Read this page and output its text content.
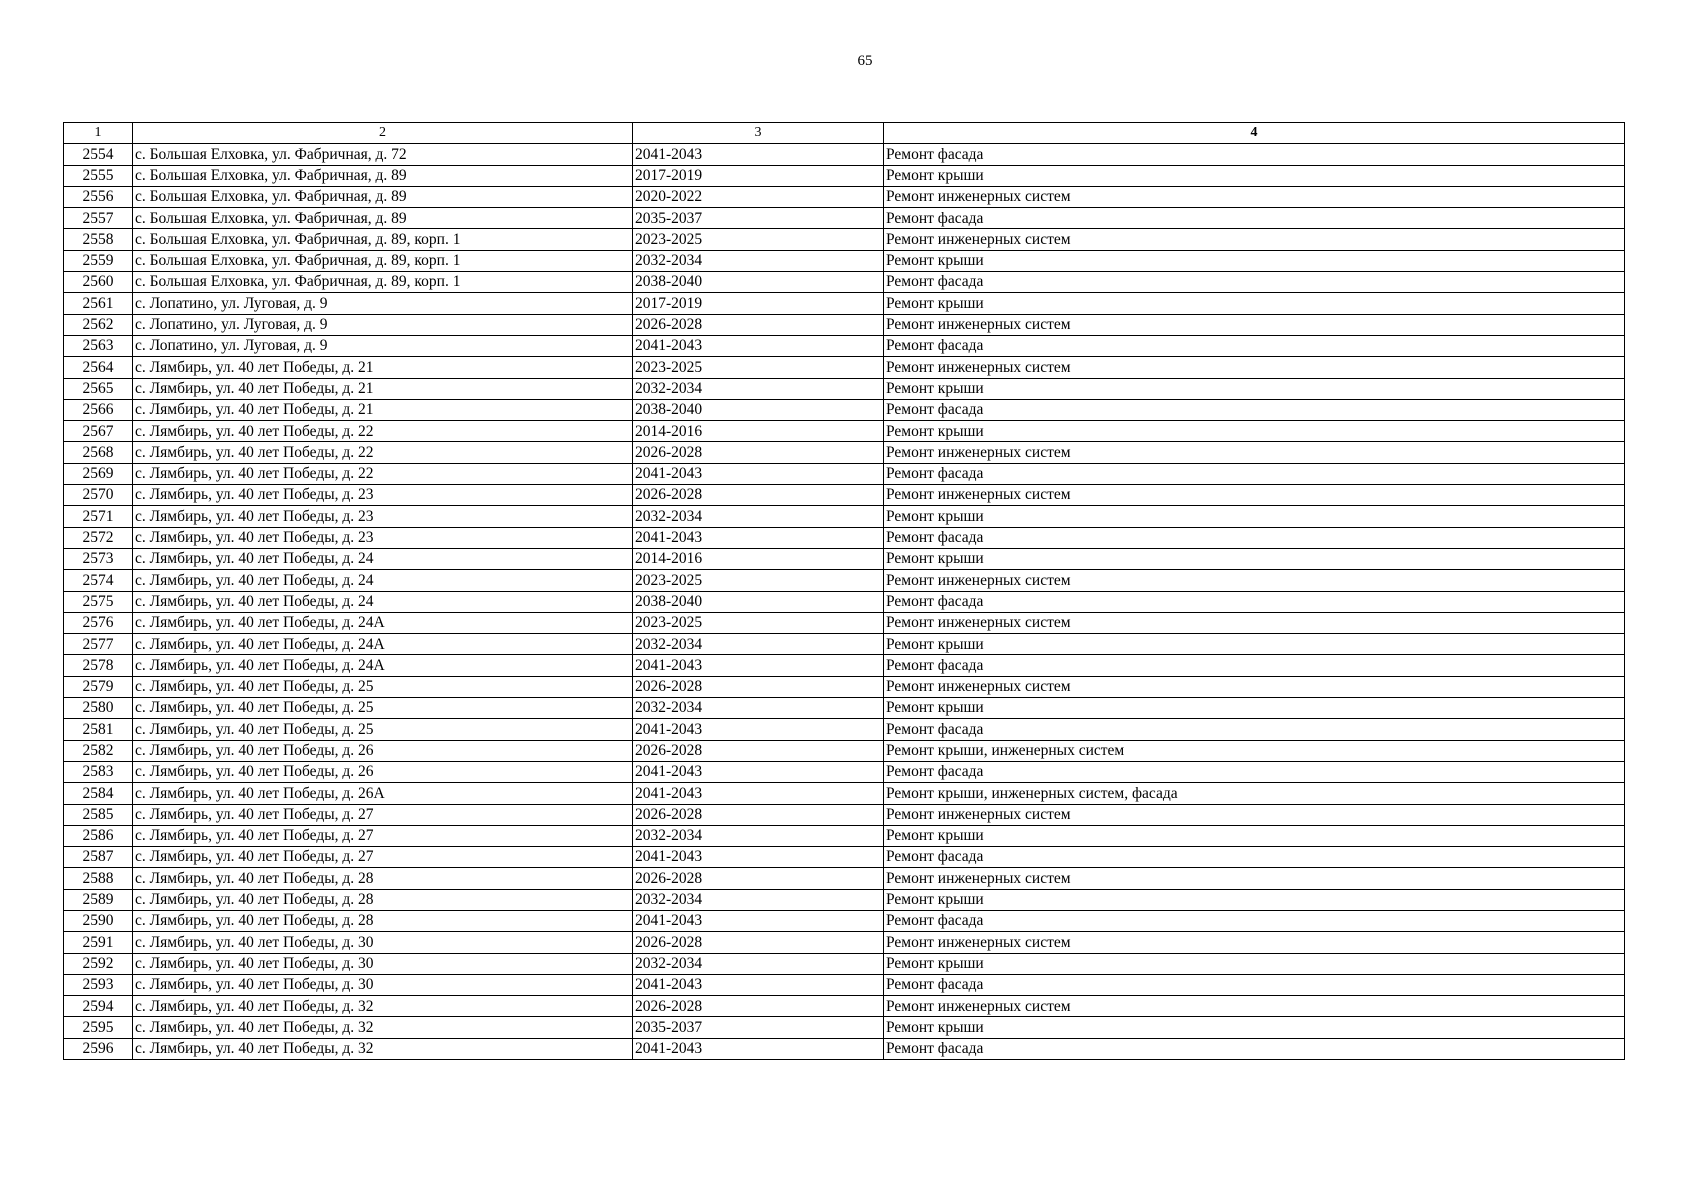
65
1	2	3	4
2554	с. Большая Елховка, ул. Фабричная, д. 72	2041-2043	Ремонт фасада
2555	с. Большая Елховка, ул. Фабричная, д. 89	2017-2019	Ремонт крыши
2556	с. Большая Елховка, ул. Фабричная, д. 89	2020-2022	Ремонт инженерных систем
2557	с. Большая Елховка, ул. Фабричная, д. 89	2035-2037	Ремонт фасада
2558	с. Большая Елховка, ул. Фабричная, д. 89, корп. 1	2023-2025	Ремонт инженерных систем
2559	с. Большая Елховка, ул. Фабричная, д. 89, корп. 1	2032-2034	Ремонт крыши
2560	с. Большая Елховка, ул. Фабричная, д. 89, корп. 1	2038-2040	Ремонт фасада
2561	с. Лопатино, ул. Луговая, д. 9	2017-2019	Ремонт крыши
2562	с. Лопатино, ул. Луговая, д. 9	2026-2028	Ремонт инженерных систем
2563	с. Лопатино, ул. Луговая, д. 9	2041-2043	Ремонт фасада
2564	с. Лямбирь, ул. 40 лет Победы, д. 21	2023-2025	Ремонт инженерных систем
2565	с. Лямбирь, ул. 40 лет Победы, д. 21	2032-2034	Ремонт крыши
2566	с. Лямбирь, ул. 40 лет Победы, д. 21	2038-2040	Ремонт фасада
2567	с. Лямбирь, ул. 40 лет Победы, д. 22	2014-2016	Ремонт крыши
2568	с. Лямбирь, ул. 40 лет Победы, д. 22	2026-2028	Ремонт инженерных систем
2569	с. Лямбирь, ул. 40 лет Победы, д. 22	2041-2043	Ремонт фасада
2570	с. Лямбирь, ул. 40 лет Победы, д. 23	2026-2028	Ремонт инженерных систем
2571	с. Лямбирь, ул. 40 лет Победы, д. 23	2032-2034	Ремонт крыши
2572	с. Лямбирь, ул. 40 лет Победы, д. 23	2041-2043	Ремонт фасада
2573	с. Лямбирь, ул. 40 лет Победы, д. 24	2014-2016	Ремонт крыши
2574	с. Лямбирь, ул. 40 лет Победы, д. 24	2023-2025	Ремонт инженерных систем
2575	с. Лямбирь, ул. 40 лет Победы, д. 24	2038-2040	Ремонт фасада
2576	с. Лямбирь, ул. 40 лет Победы, д. 24А	2023-2025	Ремонт инженерных систем
2577	с. Лямбирь, ул. 40 лет Победы, д. 24А	2032-2034	Ремонт крыши
2578	с. Лямбирь, ул. 40 лет Победы, д. 24А	2041-2043	Ремонт фасада
2579	с. Лямбирь, ул. 40 лет Победы, д. 25	2026-2028	Ремонт инженерных систем
2580	с. Лямбирь, ул. 40 лет Победы, д. 25	2032-2034	Ремонт крыши
2581	с. Лямбирь, ул. 40 лет Победы, д. 25	2041-2043	Ремонт фасада
2582	с. Лямбирь, ул. 40 лет Победы, д. 26	2026-2028	Ремонт крыши, инженерных систем
2583	с. Лямбирь, ул. 40 лет Победы, д. 26	2041-2043	Ремонт фасада
2584	с. Лямбирь, ул. 40 лет Победы, д. 26А	2041-2043	Ремонт крыши, инженерных систем, фасада
2585	с. Лямбирь, ул. 40 лет Победы, д. 27	2026-2028	Ремонт инженерных систем
2586	с. Лямбирь, ул. 40 лет Победы, д. 27	2032-2034	Ремонт крыши
2587	с. Лямбирь, ул. 40 лет Победы, д. 27	2041-2043	Ремонт фасада
2588	с. Лямбирь, ул. 40 лет Победы, д. 28	2026-2028	Ремонт инженерных систем
2589	с. Лямбирь, ул. 40 лет Победы, д. 28	2032-2034	Ремонт крыши
2590	с. Лямбирь, ул. 40 лет Победы, д. 28	2041-2043	Ремонт фасада
2591	с. Лямбирь, ул. 40 лет Победы, д. 30	2026-2028	Ремонт инженерных систем
2592	с. Лямбирь, ул. 40 лет Победы, д. 30	2032-2034	Ремонт крыши
2593	с. Лямбирь, ул. 40 лет Победы, д. 30	2041-2043	Ремонт фасада
2594	с. Лямбирь, ул. 40 лет Победы, д. 32	2026-2028	Ремонт инженерных систем
2595	с. Лямбирь, ул. 40 лет Победы, д. 32	2035-2037	Ремонт крыши
2596	с. Лямбирь, ул. 40 лет Победы, д. 32	2041-2043	Ремонт фасада
